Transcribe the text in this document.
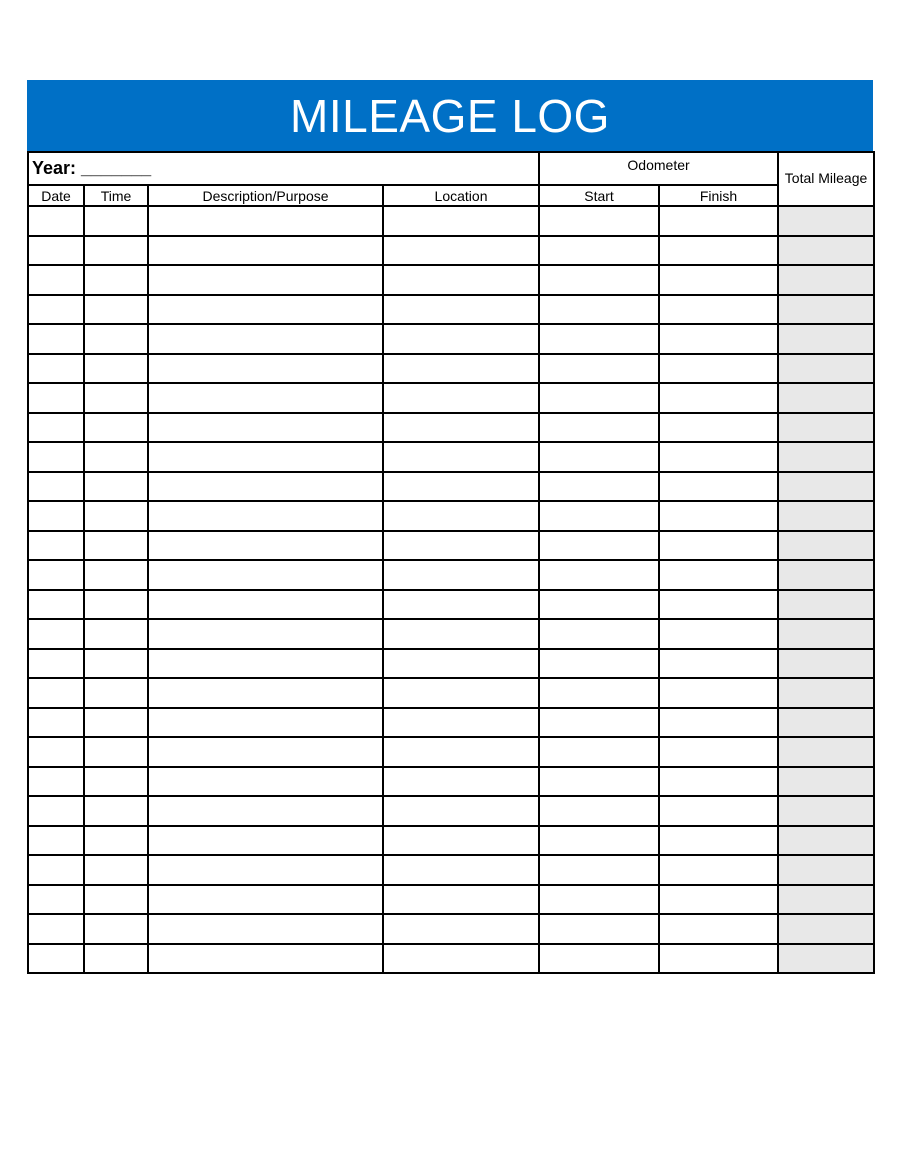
MILEAGE LOG
Year: _______				Odometer		Total Mileage
Date	Time	Description/Purpose	Location	Start	Finish	
